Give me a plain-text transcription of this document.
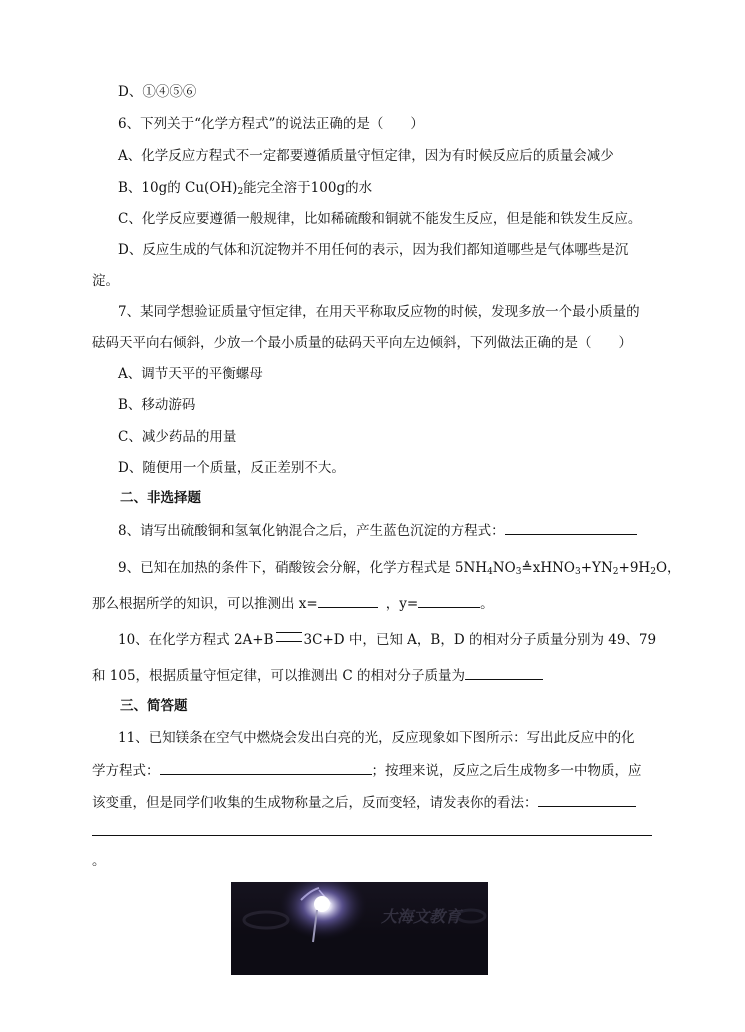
D、①④⑤⑥
6、下列关于“化学方程式”的说法正确的是（　　）
A、化学反应方程式不一定都要遵循质量守恒定律，因为有时候反应后的质量会减少
B、10g的 $Cu(OH)_2$能完全溶于100g的水
C、化学反应要遵循一般规律，比如稀硫酸和铜就不能发生反应，但是能和铁发生反应。
D、反应生成的气体和沉淀物并不用任何的表示，因为我们都知道哪些是气体哪些是沉
淀。
7、某同学想验证质量守恒定律，在用天平称取反应物的时候，发现多放一个最小质量的
砝码天平向右倾斜，少放一个最小质量的砝码天平向左边倾斜，下列做法正确的是（　　）
A、调节天平的平衡螺母
B、移动游码
C、减少药品的用量
D、随便用一个质量，反正差别不大。
二、非选择题
8、请写出硫酸铜和氢氧化钠混合之后，产生蓝色沉淀的方程式：
9、已知在加热的条件下，硝酸铵会分解，化学方程式是 $5NH_4NO_3≜xHNO_3+YN_2+9H_2O$，
那么根据所学的知识，可以推测出 x=	，y=	。
10、在化学方程式 2A+B 3C+D 中，已知 A，B，D 的相对分子质量分别为 49、79
和 105，根据质量守恒定律，可以推测出 C 的相对分子质量为
三、简答题
11、已知镁条在空气中燃烧会发出白亮的光，反应现象如下图所示：写出此反应中的化
学方程式：	；按理来说，反应之后生成物多一中物质，应
该变重，但是同学们收集的生成物称量之后，反而变轻，请发表你的看法：
。
大海文教育
